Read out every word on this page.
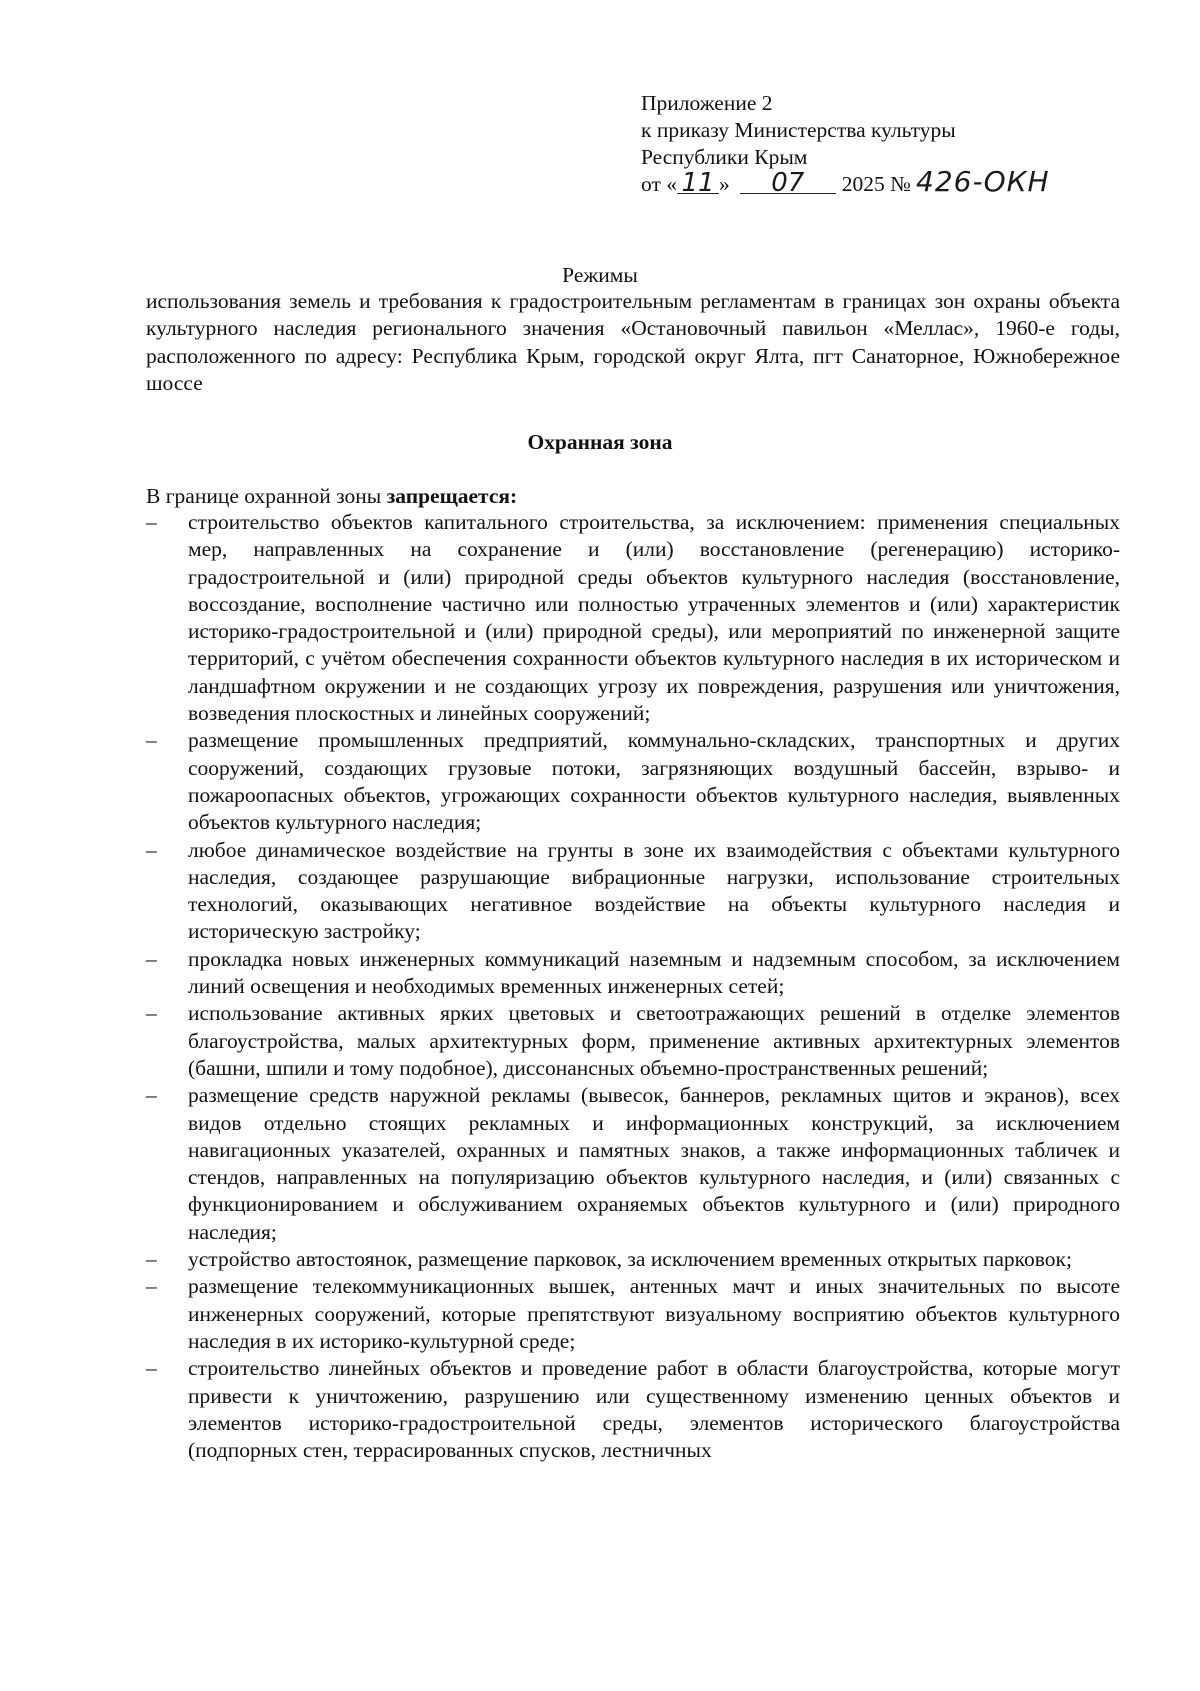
Приложение 2
к приказу Министерства культуры
Республики Крым
от « 11 » 07 2025 № 426-ОКН
Режимы
использования земель и требования к градостроительным регламентам в границах зон охраны объекта культурного наследия регионального значения «Остановочный павильон «Меллас», 1960-е годы, расположенного по адресу: Республика Крым, городской округ Ялта, пгт Санаторное, Южнобережное шоссе
Охранная зона
В границе охранной зоны запрещается:
– строительство объектов капитального строительства, за исключением: применения специальных мер, направленных на сохранение и (или) восстановление (регенерацию) историко-градостроительной и (или) природной среды объектов культурного наследия (восстановление, воссоздание, восполнение частично или полностью утраченных элементов и (или) характеристик историко-градостроительной и (или) природной среды), или мероприятий по инженерной защите территорий, с учётом обеспечения сохранности объектов культурного наследия в их историческом и ландшафтном окружении и не создающих угрозу их повреждения, разрушения или уничтожения, возведения плоскостных и линейных сооружений;
– размещение промышленных предприятий, коммунально-складских, транспортных и других сооружений, создающих грузовые потоки, загрязняющих воздушный бассейн, взрыво- и пожароопасных объектов, угрожающих сохранности объектов культурного наследия, выявленных объектов культурного наследия;
– любое динамическое воздействие на грунты в зоне их взаимодействия с объектами культурного наследия, создающее разрушающие вибрационные нагрузки, использование строительных технологий, оказывающих негативное воздействие на объекты культурного наследия и историческую застройку;
– прокладка новых инженерных коммуникаций наземным и надземным способом, за исключением линий освещения и необходимых временных инженерных сетей;
– использование активных ярких цветовых и светоотражающих решений в отделке элементов благоустройства, малых архитектурных форм, применение активных архитектурных элементов (башни, шпили и тому подобное), диссонансных объемно-пространственных решений;
– размещение средств наружной рекламы (вывесок, баннеров, рекламных щитов и экранов), всех видов отдельно стоящих рекламных и информационных конструкций, за исключением навигационных указателей, охранных и памятных знаков, а также информационных табличек и стендов, направленных на популяризацию объектов культурного наследия, и (или) связанных с функционированием и обслуживанием охраняемых объектов культурного и (или) природного наследия;
– устройство автостоянок, размещение парковок, за исключением временных открытых парковок;
– размещение телекоммуникационных вышек, антенных мачт и иных значительных по высоте инженерных сооружений, которые препятствуют визуальному восприятию объектов культурного наследия в их историко-культурной среде;
– строительство линейных объектов и проведение работ в области благоустройства, которые могут привести к уничтожению, разрушению или существенному изменению ценных объектов и элементов историко-градостроительной среды, элементов исторического благоустройства (подпорных стен, террасированных спусков, лестничных
